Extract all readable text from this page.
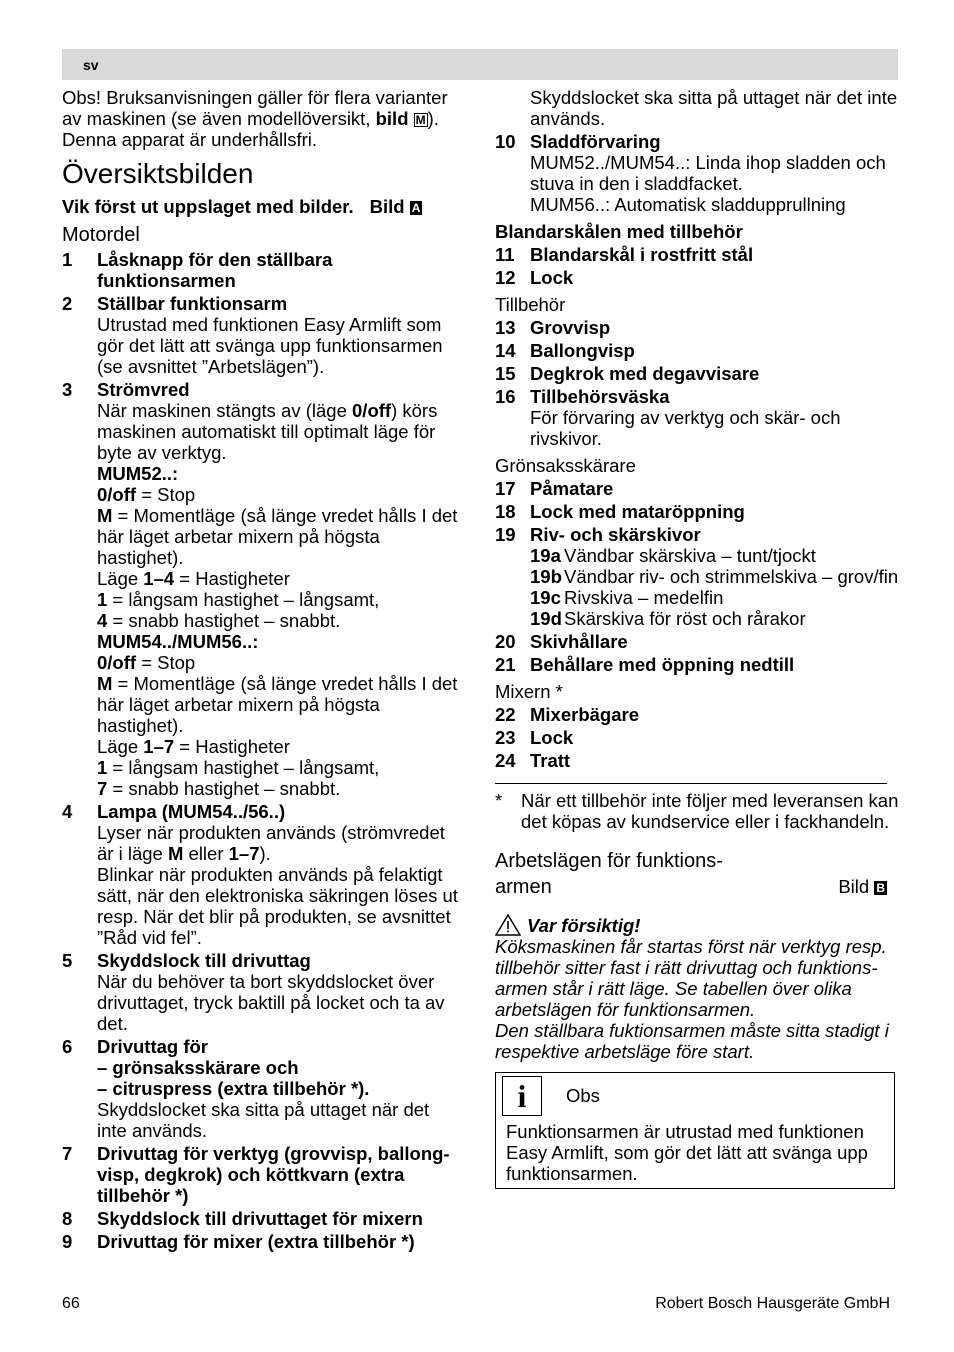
sv

Obs! Bruksanvisningen gäller för flera varianter av maskinen (se även modellöversikt, bild M ). Denna apparat är underhållsfri.

Översiktsbilden
Vik först ut uppslaget med bilder. Bild A
Motordel
1	Låsknapp för den ställbara funktionsarmen
2	Ställbar funktionsarm

Utrustad med funktionen Easy Armlift som gör det lätt att svänga upp funktionsarmen (se avsnittet ”Arbetslägen”).

3	Strömvred

När maskinen stängts av (läge 0/off) körs maskinen automatiskt till optimalt läge för byte av verktyg.

MUM52..:

0/off = Stop

M = Momentläge (så länge vredet hålls I det här läget arbetar mixern på högsta hastighet).

Läge 1–4 = Hastigheter

1 = långsam hastighet – långsamt,

4 = snabb hastighet – snabbt.

MUM54../MUM56..:

0/off = Stop

M = Momentläge (så länge vredet hålls I det här läget arbetar mixern på högsta hastighet).

Läge 1–7 = Hastigheter

1 = långsam hastighet – långsamt,

7 = snabb hastighet – snabbt.

4	Lampa (MUM54../56..)

Lyser när produkten används (strömvredet är i läge M eller 1–7).

Blinkar när produkten används på felaktigt sätt, när den elektroniska säkringen löses ut resp. När det blir på produkten, se avsnittet ”Råd vid fel”.

5	Skyddslock till drivuttag

När du behöver ta bort skyddslocket över drivuttaget, tryck baktill på locket och ta av det.

6	Drivuttag för
– grönsaksskärare och
– citruspress (extra tillbehör *).

Skyddslocket ska sitta på uttaget när det inte används.

7	Drivuttag för verktyg (grovvisp, ballong-visp, degkrok) och köttkvarn (extra tillbehör *)
8	Skyddslock till drivuttaget för mixern
9	Drivuttag för mixer (extra tillbehör *)

Skyddslocket ska sitta på uttaget när det inte används.

10 Sladdförvaring

MUM52../MUM54..: Linda ihop sladden och stuva in den i sladdfacket.

MUM56..: Automatisk sladdupprullning

Blandarskålen med tillbehör
11 Blandarskål i rostfritt stål
12 Lock
Tillbehör
13 Grovvisp
14 Ballongvisp
15 Degkrok med degavvisare
16 Tillbehörsväska

För förvaring av verktyg och skär- och rivskivor.

Grönsaksskärare
17 Påmatare
18 Lock med mataröppning
19 Riv- och skärskivor
19a Vändbar skärskiva – tunt/tjockt
19b Vändbar riv- och strimmelskiva – grov/fin
19c Rivskiva – medelfin
19d Skärskiva för röst och rårakor
20 Skivhållare
21 Behållare med öppning nedtill
Mixern *
22 Mixerbägare
23 Lock
24 Tratt
*	När ett tillbehör inte följer med leveransen kan det köpas av kundservice eller i fackhandeln.
Arbetslägen för funktions-
armen	Bild B
Var försiktig!

Köksmaskinen får startas först när verktyg resp. tillbehör sitter fast i rätt drivuttag och funktions-armen står i rätt läge. Se tabellen över olika arbetslägen för funktionsarmen.

Den ställbara fuktionsarmen måste sitta stadigt i respektive arbetsläge före start.

i	Obs

Funktionsarmen är utrustad med funktionen Easy Armlift, som gör det lätt att svänga upp funktionsarmen.

66	Robert Bosch Hausgeräte GmbH
